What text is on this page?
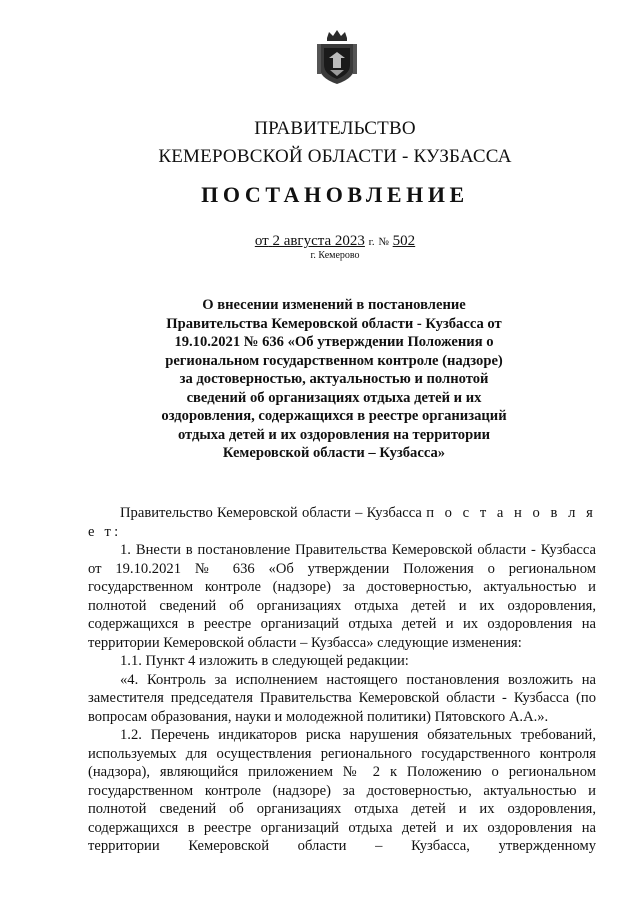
ПРАВИТЕЛЬСТВО
КЕМЕРОВСКОЙ ОБЛАСТИ - КУЗБАССА
ПОСТАНОВЛЕНИЕ
от 2 августа 2023 г. № 502
г. Кемерово
О внесении изменений в постановление
Правительства Кемеровской области - Кузбасса от
19.10.2021 № 636 «Об утверждении Положения о
региональном государственном контроле (надзоре)
за достоверностью, актуальностью и полнотой
сведений об организациях отдыха детей и их
оздоровления, содержащихся в реестре организаций
отдыха детей и их оздоровления на территории
Кемеровской области – Кузбасса»

Правительство Кемеровской области – Кузбасса п о с т а н о в л я е т:

1. Внести в постановление Правительства Кемеровской области - Кузбасса от 19.10.2021 № 636 «Об утверждении Положения о региональном государственном контроле (надзоре) за достоверностью, актуальностью и полнотой сведений об организациях отдыха детей и их оздоровления, содержащихся в реестре организаций отдыха детей и их оздоровления на территории Кемеровской области – Кузбасса» следующие изменения:

1.1. Пункт 4 изложить в следующей редакции:

«4. Контроль за исполнением настоящего постановления возложить на заместителя председателя Правительства Кемеровской области - Кузбасса (по вопросам образования, науки и молодежной политики) Пятовского А.А.».

1.2. Перечень индикаторов риска нарушения обязательных требований, используемых для осуществления регионального государственного контроля (надзора), являющийся приложением № 2 к Положению о региональном государственном контроле (надзоре) за достоверностью, актуальностью и полнотой сведений об организациях отдыха детей и их оздоровления, содержащихся в реестре организаций отдыха детей и их оздоровления на территории Кемеровской области – Кузбасса, утвержденному
